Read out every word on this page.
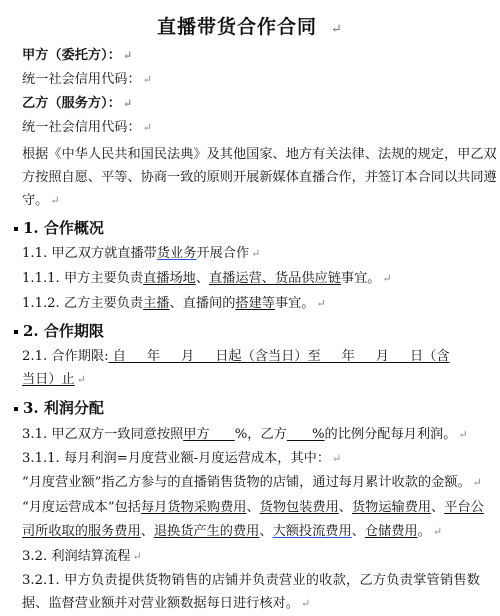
直播带货合作合同 ↵
甲方（委托方）： ↵
统一社会信用代码： ↵
乙方（服务方）： ↵
统一社会信用代码： ↵
根据《中华人民共和国民法典》及其他国家、地方有关法律、法规的规定，甲乙双
方按照自愿、平等、协商一致的原则开展新媒体直播合作，并签订本合同以共同遵
守。 ↵
1. 合作概况
1.1. 甲乙双方就直播带货业务开展合作 ↵
1.1.1. 甲方主要负责直播场地、直播运营、货品供应链事宜。 ↵
1.1.2. 乙方主要负责主播、直播间的搭建等事宜。 ↵
2. 合作期限
2.1. 合作期限: 自     年     月     日起（含当日）至     年     月     日（含
当日）止 ↵
3. 利润分配
3.1. 甲乙双方一致同意按照甲方      %，乙方      %的比例分配每月利润。 ↵
3.1.1. 每月利润=月度营业额-月度运营成本，其中： ↵
“月度营业额”指乙方参与的直播销售货物的店铺，通过每月累计收款的金额。 ↵
“月度运营成本”包括每月货物采购费用、货物包装费用、货物运输费用、平台公
司所收取的服务费用、退换货产生的费用、大额投流费用、仓储费用。 ↵
3.2. 利润结算流程 ↵
3.2.1. 甲方负责提供货物销售的店铺并负责营业的收款，乙方负责掌管销售数
据、监督营业额并对营业额数据每日进行核对。 ↵
